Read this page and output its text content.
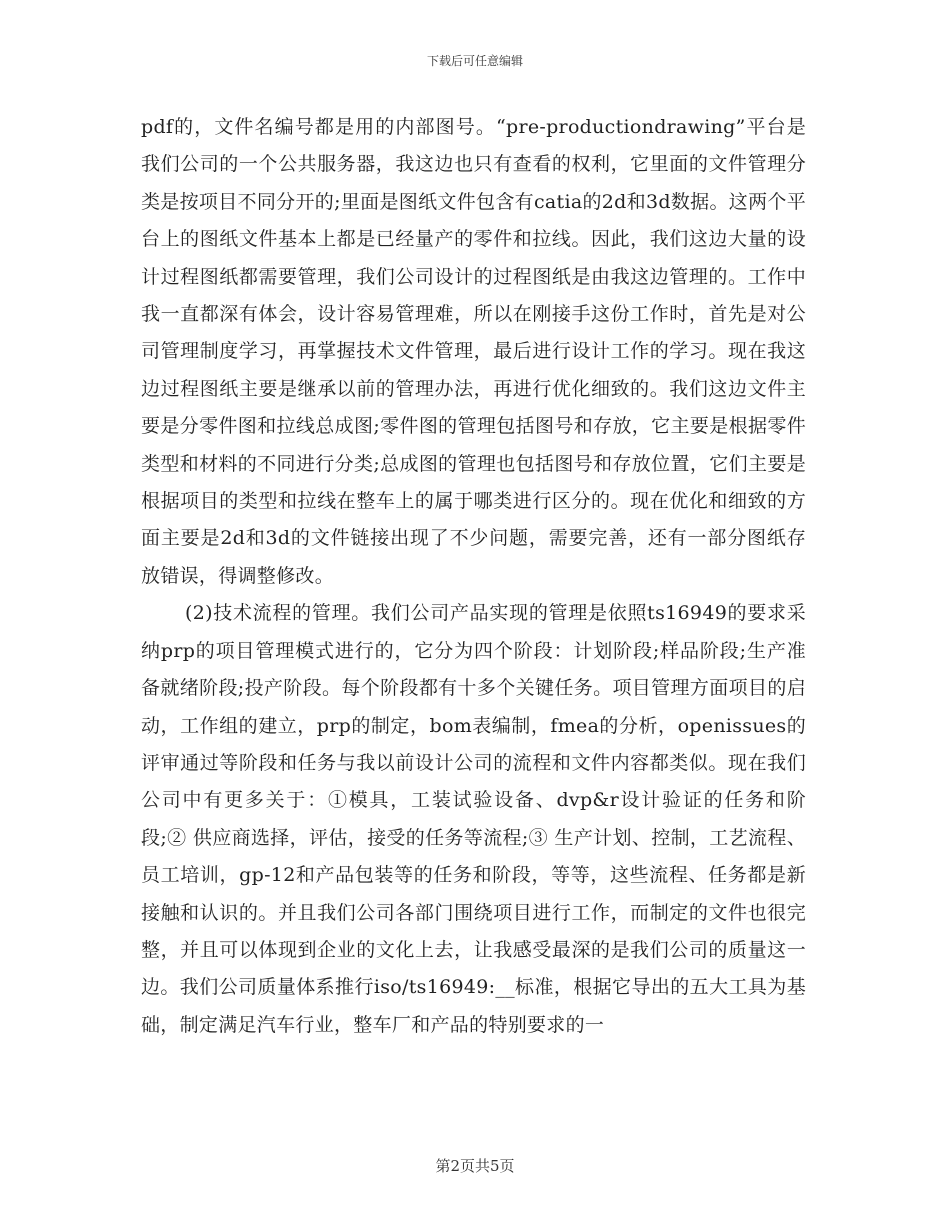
下载后可任意编辑

pdf的，文件名编号都是用的内部图号。“pre-productiondrawing”平台是我们公司的一个公共服务器，我这边也只有查看的权利，它里面的文件管理分类是按项目不同分开的;里面是图纸文件包含有catia的2d和3d数据。这两个平台上的图纸文件基本上都是已经量产的零件和拉线。因此，我们这边大量的设计过程图纸都需要管理，我们公司设计的过程图纸是由我这边管理的。工作中我一直都深有体会，设计容易管理难，所以在刚接手这份工作时，首先是对公司管理制度学习，再掌握技术文件管理，最后进行设计工作的学习。现在我这边过程图纸主要是继承以前的管理办法，再进行优化细致的。我们这边文件主要是分零件图和拉线总成图;零件图的管理包括图号和存放，它主要是根据零件类型和材料的不同进行分类;总成图的管理也包括图号和存放位置，它们主要是根据项目的类型和拉线在整车上的属于哪类进行区分的。现在优化和细致的方面主要是2d和3d的文件链接出现了不少问题，需要完善，还有一部分图纸存放错误，得调整修改。

(2)技术流程的管理。我们公司产品实现的管理是依照ts16949的要求采纳prp的项目管理模式进行的，它分为四个阶段：计划阶段;样品阶段;生产准备就绪阶段;投产阶段。每个阶段都有十多个关键任务。项目管理方面项目的启动，工作组的建立，prp的制定，bom表编制，fmea的分析，openissues的评审通过等阶段和任务与我以前设计公司的流程和文件内容都类似。现在我们公司中有更多关于：①模具，工装试验设备、dvp&r设计验证的任务和阶段;② 供应商选择，评估，接受的任务等流程;③ 生产计划、控制，工艺流程、员工培训，gp-12和产品包装等的任务和阶段，等等，这些流程、任务都是新接触和认识的。并且我们公司各部门围绕项目进行工作，而制定的文件也很完整，并且可以体现到企业的文化上去，让我感受最深的是我们公司的质量这一边。我们公司质量体系推行iso/ts16949:__标准，根据它导出的五大工具为基础，制定满足汽车行业，整车厂和产品的特别要求的一

第2页共5页
